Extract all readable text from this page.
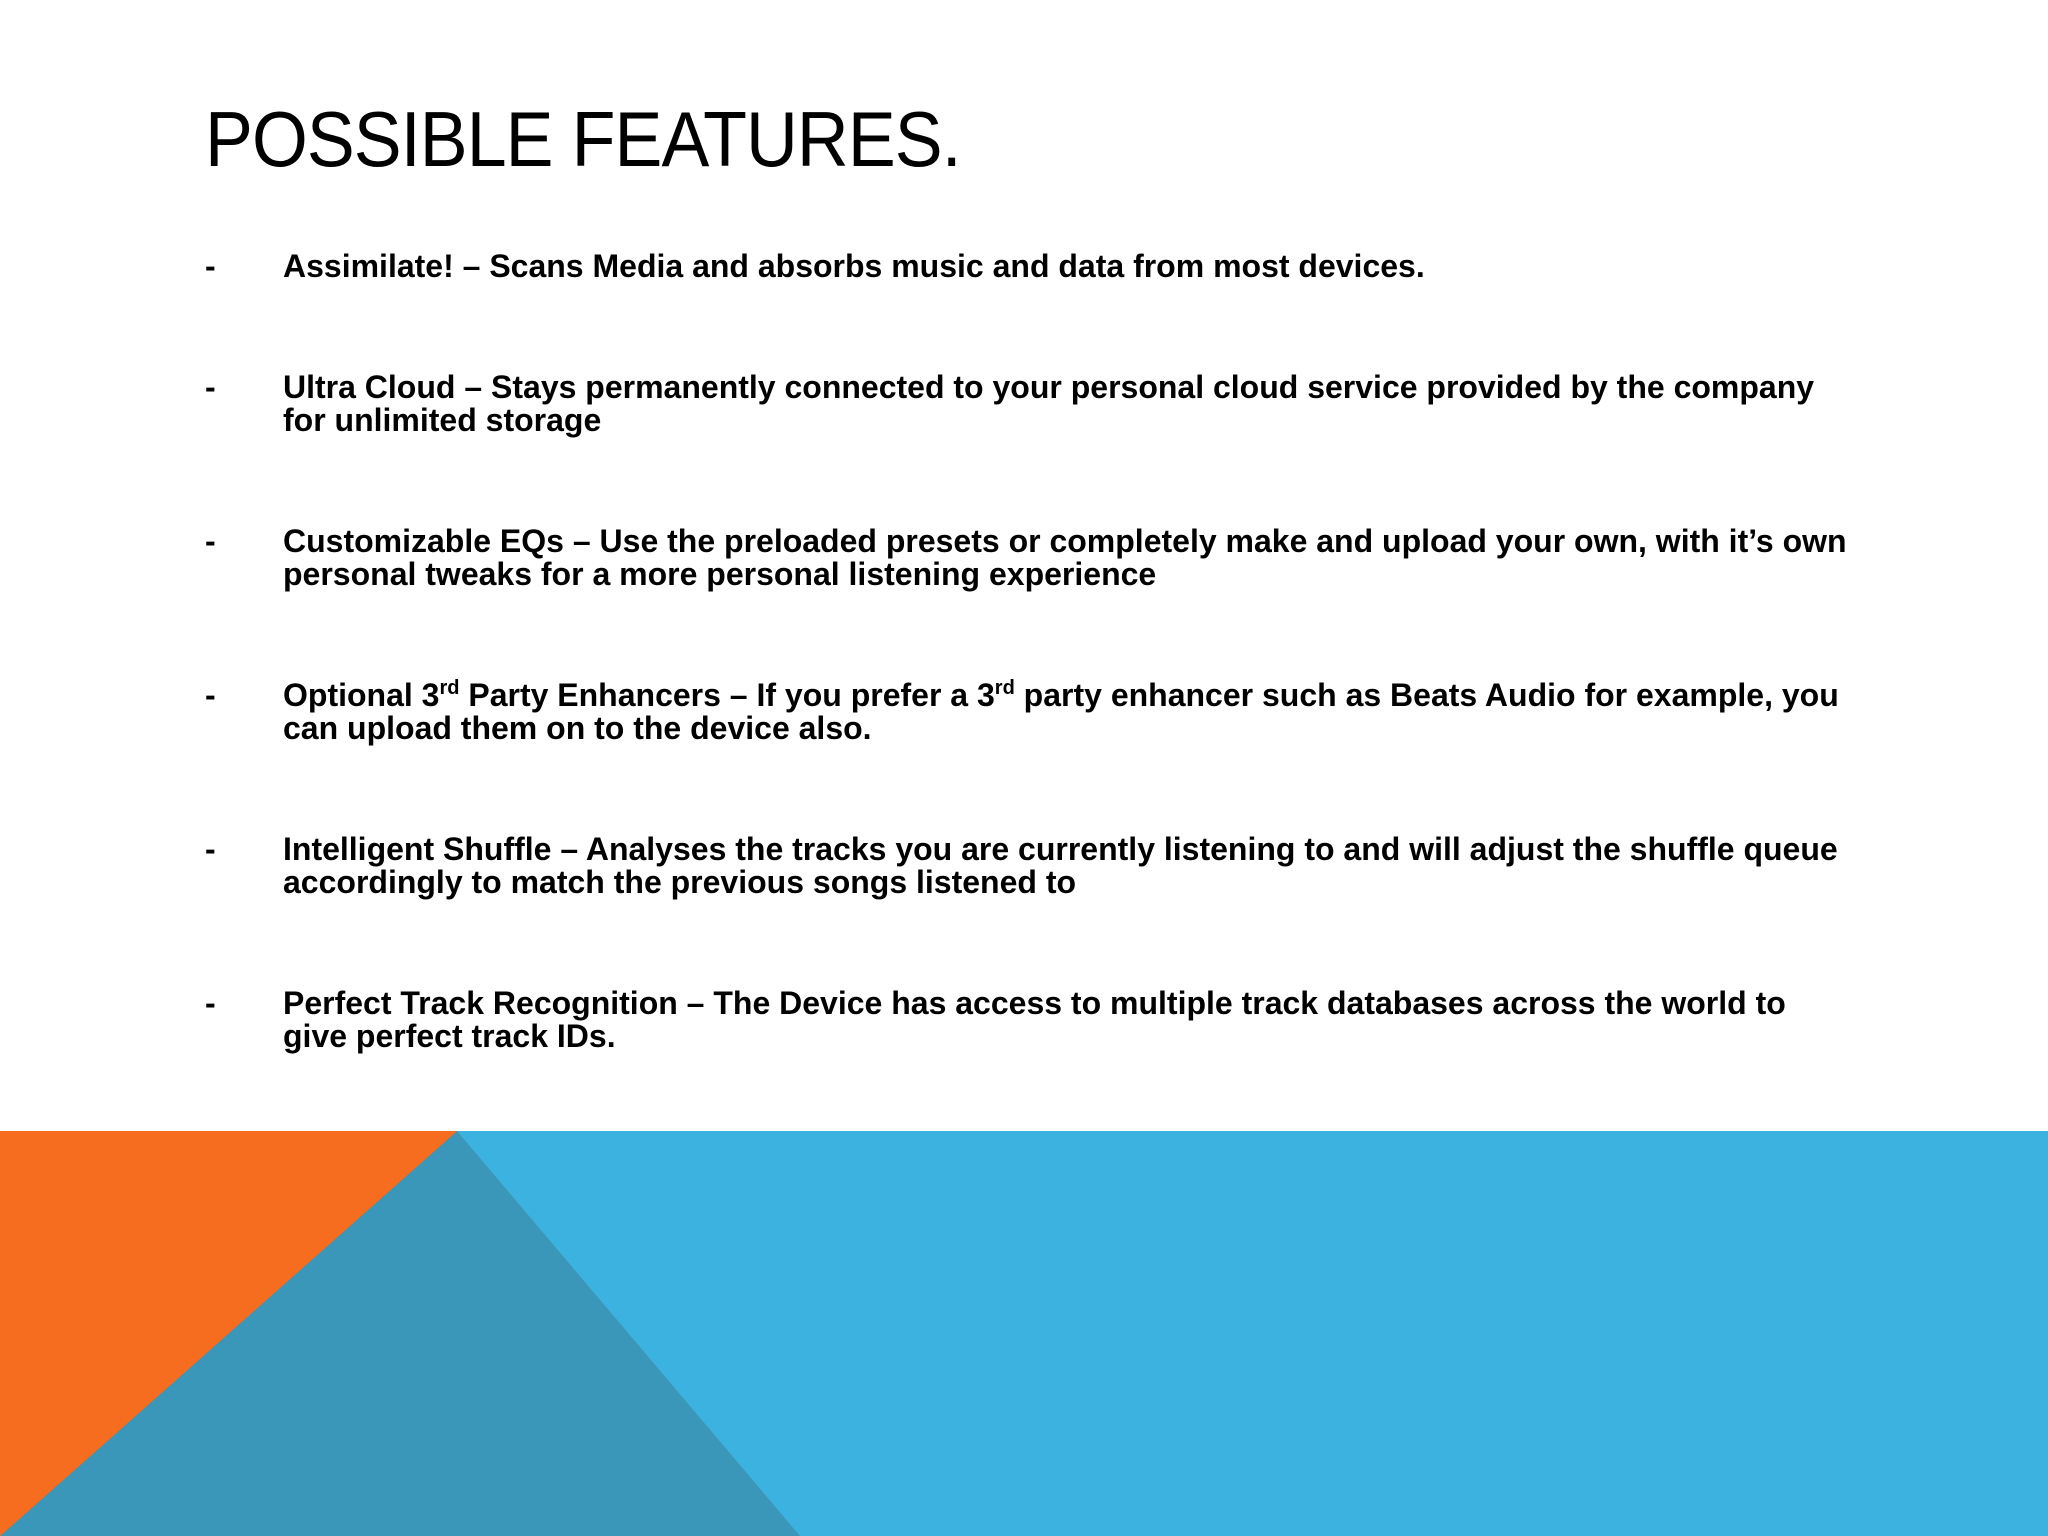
POSSIBLE FEATURES.
- Assimilate! – Scans Media and absorbs music and data from most devices.
- Ultra Cloud – Stays permanently connected to your personal cloud service provided by the company for unlimited storage
- Customizable EQs – Use the preloaded presets or completely make and upload your own, with it’s own personal tweaks for a more personal listening experience
- Optional 3rd Party Enhancers – If you prefer a 3rd party enhancer such as Beats Audio for example, you can upload them on to the device also.
- Intelligent Shuffle – Analyses the tracks you are currently listening to and will adjust the shuffle queue accordingly to match the previous songs listened to
- Perfect Track Recognition – The Device has access to multiple track databases across the world to give perfect track IDs.
